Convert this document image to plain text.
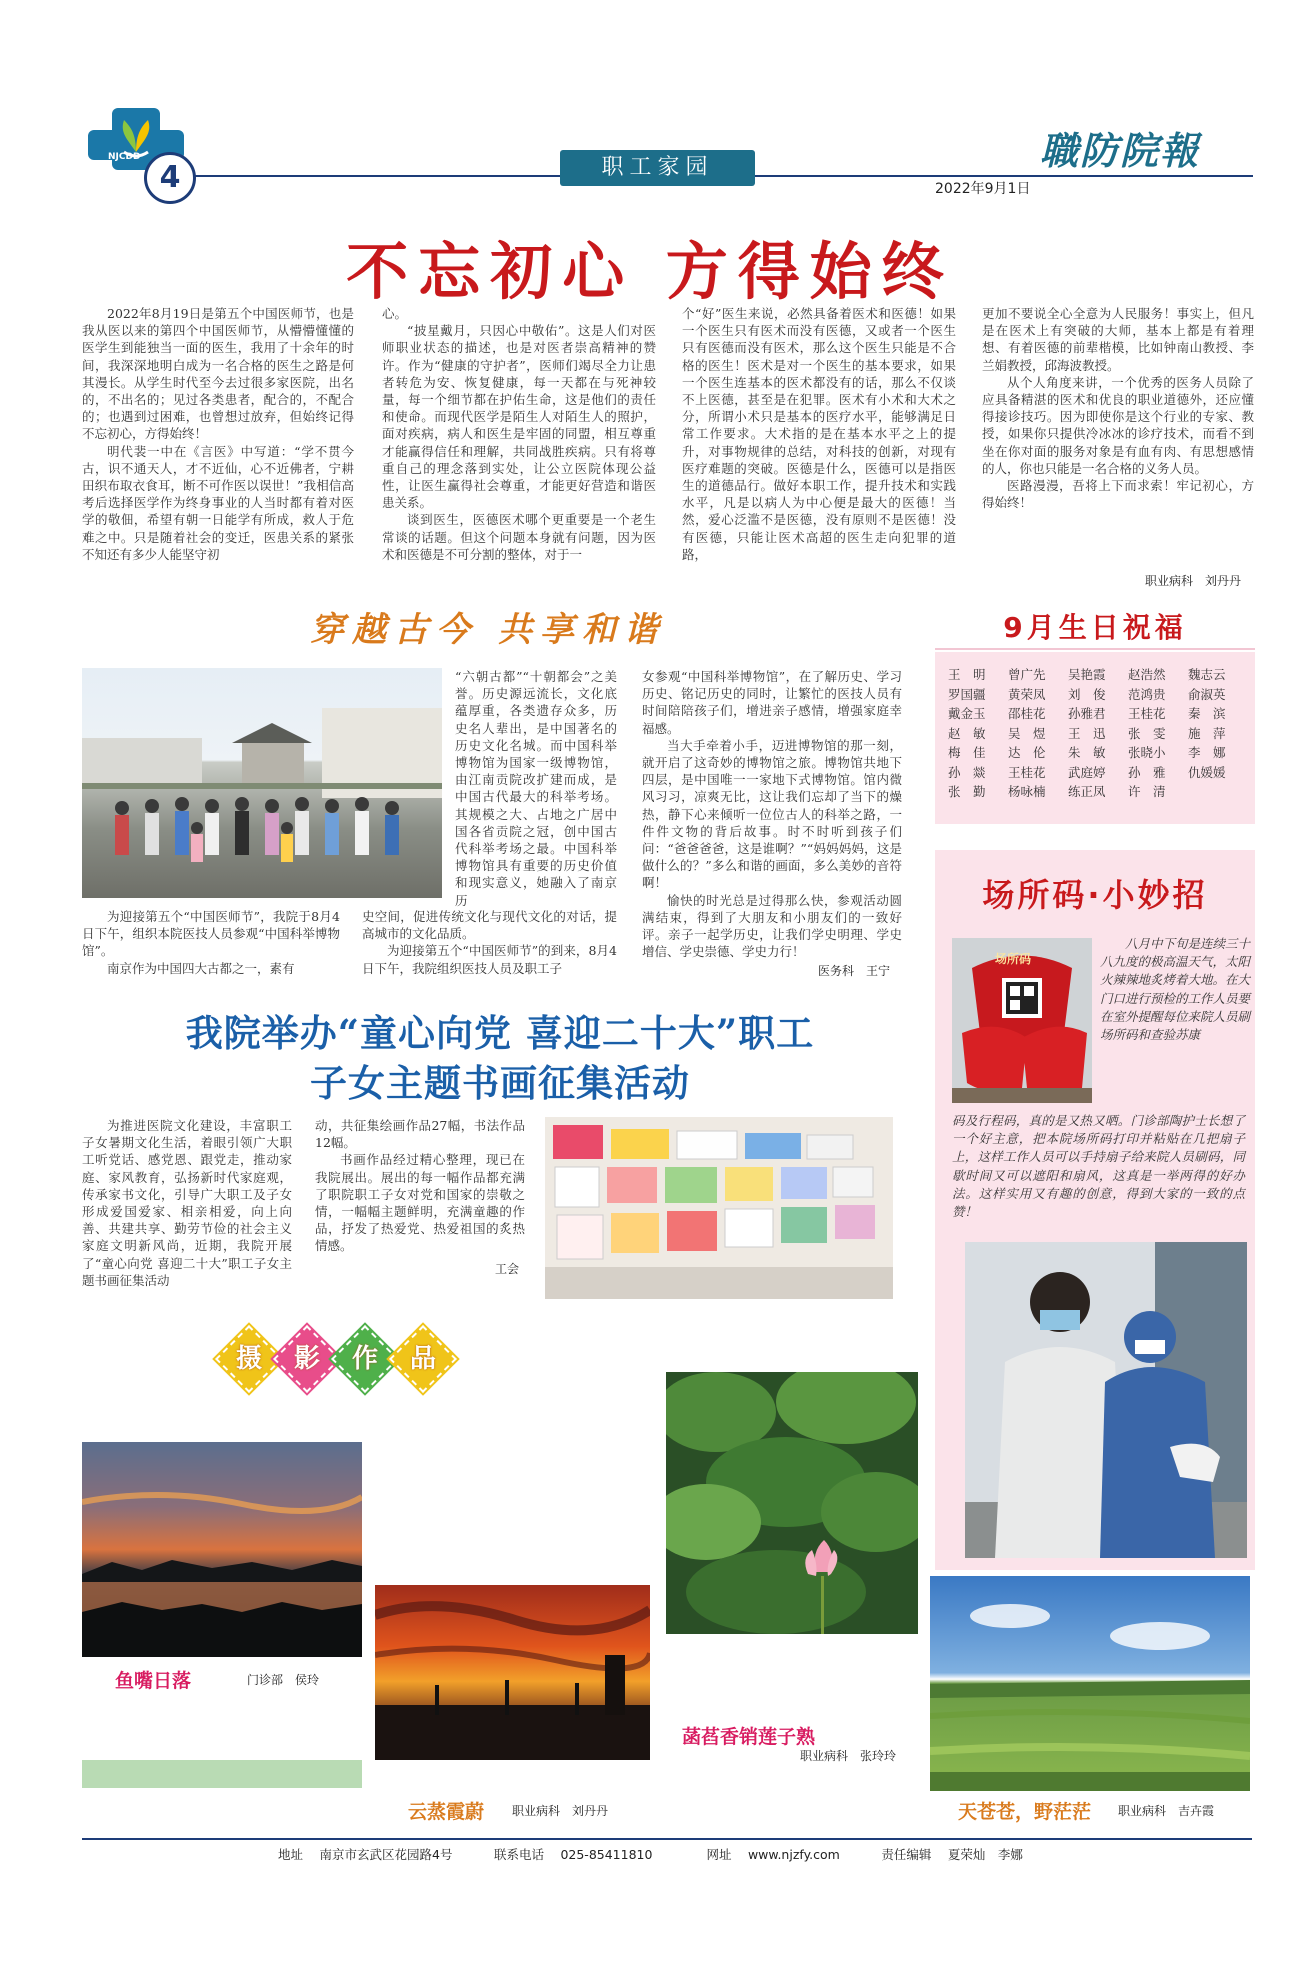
NJCDD
4	职工家园
2022年9月1日
職防院報
不忘初心 方得始终

2022年8月19日是第五个中国医师节，也是我从医以来的第四个中国医师节，从懵懵懂懂的医学生到能独当一面的医生，我用了十余年的时间，我深深地明白成为一名合格的医生之路是何其漫长。从学生时代至今去过很多家医院，出名的，不出名的；见过各类患者，配合的，不配合的；也遇到过困难，也曾想过放弃，但始终记得不忘初心，方得始终！

明代裴一中在《言医》中写道：“学不贯今古，识不通天人，才不近仙，心不近佛者，宁耕田织布取衣食耳，断不可作医以误世！”我相信高考后选择医学作为终身事业的人当时都有着对医学的敬佃，希望有朝一日能学有所成，救人于危难之中。只是随着社会的变迁，医患关系的紧张不知还有多少人能坚守初

心。

“披星戴月，只因心中敬佑”。这是人们对医师职业状态的描述，也是对医者崇高精神的赞许。作为“健康的守护者”，医师们竭尽全力让患者转危为安、恢复健康，每一天都在与死神较量，每一个细节都在护佑生命，这是他们的责任和使命。而现代医学是陌生人对陌生人的照护，面对疾病，病人和医生是牢固的同盟，相互尊重才能赢得信任和理解，共同战胜疾病。只有将尊重自己的理念落到实处，让公立医院体现公益性，让医生赢得社会尊重，才能更好营造和谐医患关系。

谈到医生，医德医术哪个更重要是一个老生常谈的话题。但这个问题本身就有问题，因为医术和医德是不可分割的整体，对于一

个“好”医生来说，必然具备着医术和医德！如果一个医生只有医术而没有医德，又或者一个医生只有医德而没有医术，那么这个医生只能是不合格的医生！医术是对一个医生的基本要求，如果一个医生连基本的医术都没有的话，那么不仅谈不上医德，甚至是在犯罪。医术有小术和大术之分，所谓小术只是基本的医疗水平，能够满足日常工作要求。大术指的是在基本水平之上的提升，对事物规律的总结，对科技的创新，对现有医疗难题的突破。医德是什么，医德可以是指医生的道德品行。做好本职工作，提升技术和实践水平，凡是以病人为中心便是最大的医德！当然，爱心泛滥不是医德，没有原则不是医德！没有医德，只能让医术高超的医生走向犯罪的道路，

更加不要说全心全意为人民服务！事实上，但凡是在医术上有突破的大师，基本上都是有着理想、有着医德的前辈楷模，比如钟南山教授、李兰娟教授，邱海波教授。

从个人角度来讲，一个优秀的医务人员除了应具备精湛的医术和优良的职业道德外，还应懂得接诊技巧。因为即使你是这个行业的专家、教授，如果你只提供冷冰冰的诊疗技术，而看不到坐在你对面的服务对象是有血有肉、有思想感情的人，你也只能是一名合格的义务人员。

医路漫漫，吾将上下而求索！牢记初心，方得始终！

职业病科　刘丹丹
穿越古今 共享和谐
“六朝古都”“十朝都会”之美誉。历史源远流长，文化底蕴厚重，各类遗存众多，历史名人辈出，是中国著名的历史文化名城。而中国科举博物馆为国家一级博物馆，由江南贡院改扩建而成，是中国古代最大的科举考场。其规模之大、占地之广居中国各省贡院之冠，创中国古代科举考场之最。中国科举博物馆具有重要的历史价值和现实意义，她融入了南京历
为迎接第五个“中国医师节”，我院于8月4日下午，组织本院医技人员参观“中国科举博物馆”。
南京作为中国四大古都之一，素有

史空间，促进传统文化与现代文化的对话，提高城市的文化品质。

为迎接第五个“中国医师节”的到来，8月4日下午，我院组织医技人员及职工子

女参观“中国科举博物馆”，在了解历史、学习历史、铭记历史的同时，让繁忙的医技人员有时间陪陪孩子们，增进亲子感情，增强家庭幸福感。

当大手牵着小手，迈进博物馆的那一刻，就开启了这奇妙的博物馆之旅。博物馆共地下四层，是中国唯一一家地下式博物馆。馆内微风习习，凉爽无比，这让我们忘却了当下的燥热，静下心来倾听一位位古人的科举之路，一件件文物的背后故事。时不时听到孩子们问：“爸爸爸爸，这是谁啊？”“妈妈妈妈，这是做什么的？”多么和谐的画面，多么美妙的音符啊！

愉快的时光总是过得那么快，参观活动圆满结束，得到了大朋友和小朋友们的一致好评。亲子一起学历史，让我们学史明理、学史增信、学史崇德、学史力行！

医务科　王宁
9月生日祝福
王　明	曾广先	吴艳霞	赵浩然	魏志云
罗国疆	黄荣凤	刘　俊	范鸿贵	俞淑英
戴金玉	邵桂花	孙雅君	王桂花	秦　滨
赵　敏	吴　煜	王　迅	张　雯	施　萍
梅　佳	达　伦	朱　敏	张晓小	李　娜
孙　燚	王桂花	武庭婷	孙　雅	仇媛媛
张　勤	杨咏楠	练正凤	许　清
场所码·小妙招
场所码
八月中下旬是连续三十八九度的极高温天气，太阳火辣辣地炙烤着大地。在大门口进行预检的工作人员要在室外提醒每位来院人员刷场所码和查验苏康
码及行程码，真的是又热又晒。门诊部陶护士长想了一个好主意，把本院场所码打印并粘贴在几把扇子上，这样工作人员可以手持扇子给来院人员刷码，同歇时间又可以遮阳和扇风，这真是一举两得的好办法。这样实用又有趣的创意，得到大家的一致的点赞！
我院举办“童心向党 喜迎二十大”职工
子女主题书画征集活动
为推进医院文化建设，丰富职工子女暑期文化生活，着眼引领广大职工听党话、感党恩、跟党走，推动家庭、家风教育，弘扬新时代家庭观，传承家书文化，引导广大职工及子女形成爱国爱家、相亲相爱，向上向善、共建共享、勤劳节俭的社会主义家庭文明新风尚，近期，我院开展了“童心向党 喜迎二十大”职工子女主题书画征集活动

动，共征集绘画作品27幅，书法作品12幅。

书画作品经过精心整理，现已在我院展出。展出的每一幅作品都充满了职院职工子女对党和国家的崇敬之情，一幅幅主题鲜明，充满童趣的作品，抒发了热爱党、热爱祖国的炙热情感。

工会
摄	影	作	品
鱼嘴日落	门诊部　侯玲
云蒸霞蔚 职业病科　刘丹丹
菡萏香销莲子熟
职业病科　张玲玲
天苍苍，野茫茫 职业病科　吉卉霞
地址　 南京市玄武区花园路4号　　　	联系电话　 025-85411810　　　　	网址　 www.njzfy.com　　　	责任编辑　 夏荣灿　李娜
